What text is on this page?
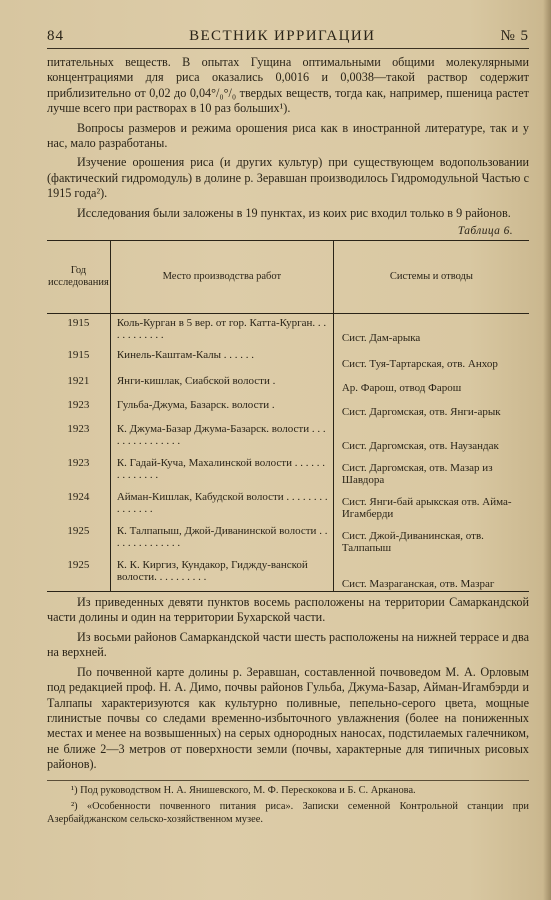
84	ВЕСТНИК ИРРИГАЦИИ	№ 5

питательных веществ. В опытах Гущина оптимальными общими молекулярными концентрациями для риса оказались 0,0016 и 0,0038—такой раствор содержит приблизительно от 0,02 до 0,04°/₀°/₀ твердых веществ, тогда как, например, пшеница растет лучше всего при растворах в 10 раз больших¹).

Вопросы размеров и режима орошения риса как в иностранной литературе, так и у нас, мало разработаны.

Изучение орошения риса (и других культур) при существующем водопользовании (фактический гидромодуль) в долине р. Зеравшан производилось Гидромодульной Частью с 1915 года²).

Исследования были заложены в 19 пунктах, из коих рис входил только в 9 районов.

Таблица 6.
Год исследования	Место производства работ	Системы и отводы
1915	Коль-Курган в 5 вер. от гор. Катта-Курган. . . . . . . . . . . .	Сист. Дам-арыка
1915	Кинель-Каштам-Калы . . . . . .	Сист. Туя-Тартарская, отв. Анхор
1921	Янги-кишлак, Сиабской волости .	Ар. Фарош, отвод Фарош
1923	Гульба-Джума, Базарск. волости .	Сист. Даргомская, отв. Янги-арык
1923	К. Джума-Базар Джума-Базарск. волости . . . . . . . . . . . . . . .	Сист. Даргомская, отв. Наузандак
1923	К. Гадай-Куча, Махалинской волости . . . . . . . . . . . . . .	Сист. Даргомская, отв. Мазар из Шавдора
1924	Айман-Кишлак, Кабудской волости . . . . . . . . . . . . . . .	Сист. Янги-бай арыкская отв. Айма-Игамберди
1925	К. Талпапыш, Джой-Диванинской волости . . . . . . . . . . . . . .	Сист. Джой-Диванинская, отв. Талпапыш
1925	К. К. Киргиз, Кундакор, Гиджду-ванской волости. . . . . . . . . .	Сист. Мазраганская, отв. Мазраг

Из приведенных девяти пунктов восемь расположены на территории Самаркандской части долины и один на территории Бухарской части.

Из восьми районов Самаркандской части шесть расположены на нижней террасе и два на верхней.

По почвенной карте долины р. Зеравшан, составленной почвоведом М. А. Орловым под редакцией проф. Н. А. Димо, почвы районов Гульба, Джума-Базар, Айман-Игамбэрди и Талпапы характеризуются как культурно поливные, пепельно-серого цвета, мощные глинистые почвы со следами временно-избыточного увлажнения (более на пониженных местах и менее на возвышенных) на серых однородных наносах, подстилаемых галечником, не ближе 2—3 метров от поверхности земли (почвы, характерные для типичных рисовых районов).

¹) Под руководством Н. А. Янишевского, М. Ф. Перескокова и Б. С. Арканова.

²) «Особенности почвенного питания риса». Записки семенной Контрольной станции при Азербайджанском сельско-хозяйственном музее.
